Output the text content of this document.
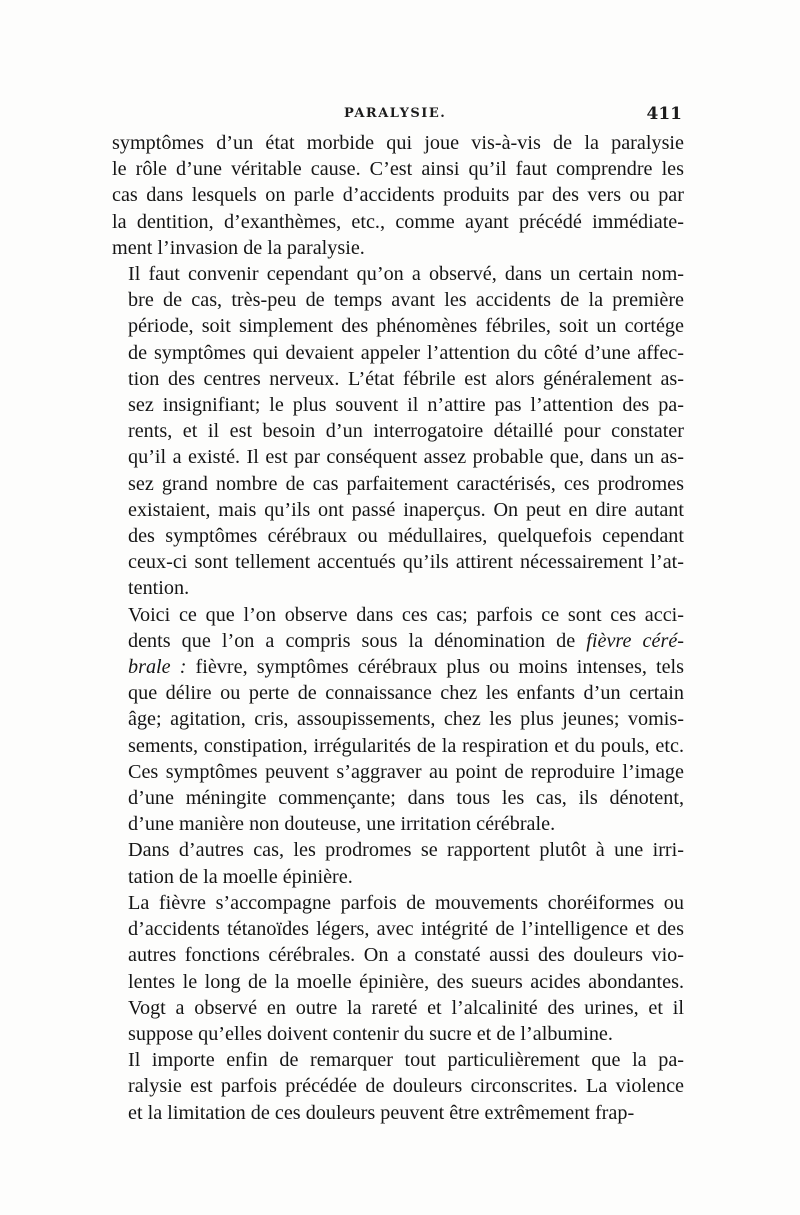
PARALYSIE.	411
symptômes d’un état morbide qui joue vis-à-vis de la paralysie
le rôle d’une véritable cause. C’est ainsi qu’il faut comprendre les
cas dans lesquels on parle d’accidents produits par des vers ou par
la dentition, d’exanthèmes, etc., comme ayant précédé immédiate-
ment l’invasion de la paralysie.
Il faut convenir cependant qu’on a observé, dans un certain nom-
bre de cas, très-peu de temps avant les accidents de la première
période, soit simplement des phénomènes fébriles, soit un cortége
de symptômes qui devaient appeler l’attention du côté d’une affec-
tion des centres nerveux. L’état fébrile est alors généralement as-
sez insignifiant; le plus souvent il n’attire pas l’attention des pa-
rents, et il est besoin d’un interrogatoire détaillé pour constater
qu’il a existé. Il est par conséquent assez probable que, dans un as-
sez grand nombre de cas parfaitement caractérisés, ces prodromes
existaient, mais qu’ils ont passé inaperçus. On peut en dire autant
des symptômes cérébraux ou médullaires, quelquefois cependant
ceux-ci sont tellement accentués qu’ils attirent nécessairement l’at-
tention.
Voici ce que l’on observe dans ces cas; parfois ce sont ces acci-
dents que l’on a compris sous la dénomination de fièvre céré-
brale : fièvre, symptômes cérébraux plus ou moins intenses, tels
que délire ou perte de connaissance chez les enfants d’un certain
âge; agitation, cris, assoupissements, chez les plus jeunes; vomis-
sements, constipation, irrégularités de la respiration et du pouls, etc.
Ces symptômes peuvent s’aggraver au point de reproduire l’image
d’une méningite commençante; dans tous les cas, ils dénotent,
d’une manière non douteuse, une irritation cérébrale.
Dans d’autres cas, les prodromes se rapportent plutôt à une irri-
tation de la moelle épinière.
La fièvre s’accompagne parfois de mouvements choréiformes ou
d’accidents tétanoïdes légers, avec intégrité de l’intelligence et des
autres fonctions cérébrales. On a constaté aussi des douleurs vio-
lentes le long de la moelle épinière, des sueurs acides abondantes.
Vogt a observé en outre la rareté et l’alcalinité des urines, et il
suppose qu’elles doivent contenir du sucre et de l’albumine.
Il importe enfin de remarquer tout particulièrement que la pa-
ralysie est parfois précédée de douleurs circonscrites. La violence
et la limitation de ces douleurs peuvent être extrêmement frap-
